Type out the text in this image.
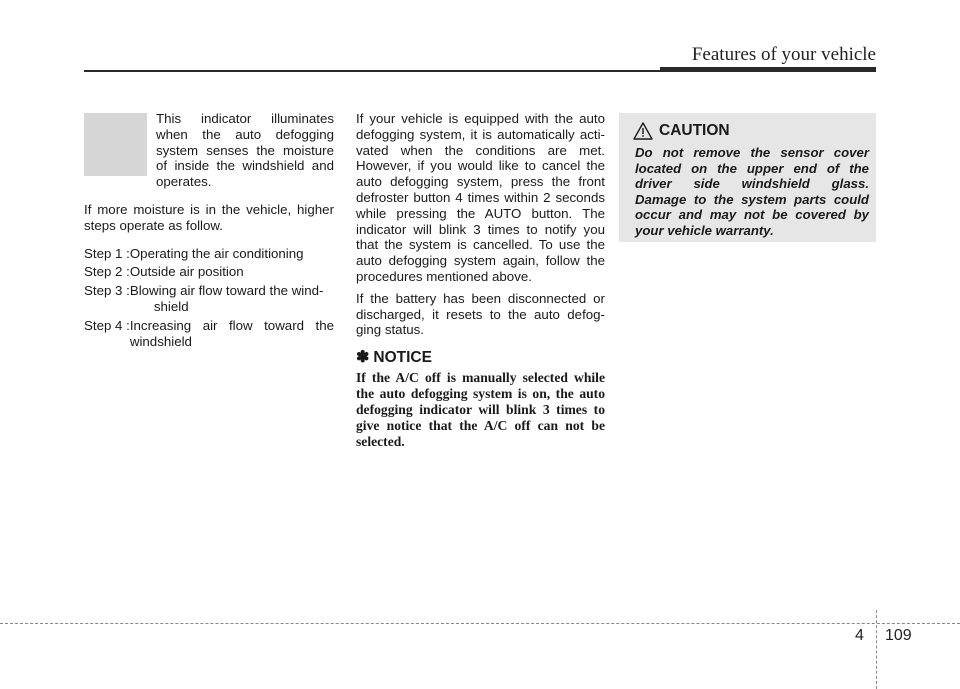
Features of your vehicle

This indicator illuminates when the auto defogging system senses the moisture of inside the windshield and operates.

If more moisture is in the vehicle, higher steps operate as follow.

Step 1 : Operating the air conditioning
Step 2 : Outside air position
Step 3 : Blowing air flow toward the wind-
shield
Step 4 : Increasing air flow toward the
windshield

If your vehicle is equipped with the auto defogging system, it is automatically acti-vated when the conditions are met. However, if you would like to cancel the auto defogging system, press the front defroster button 4 times within 2 seconds while pressing the AUTO button. The indicator will blink 3 times to notify you that the system is cancelled. To use the auto defogging system again, follow the procedures mentioned above.

If the battery has been disconnected or discharged, it resets to the auto defog-ging status.

✽ NOTICE

If the A/C off is manually selected while the auto defogging system is on, the auto defogging indicator will blink 3 times to give notice that the A/C off can not be selected.

CAUTION

Do not remove the sensor cover located on the upper end of the driver side windshield glass. Damage to the system parts could occur and may not be covered by your vehicle warranty.

4 109
